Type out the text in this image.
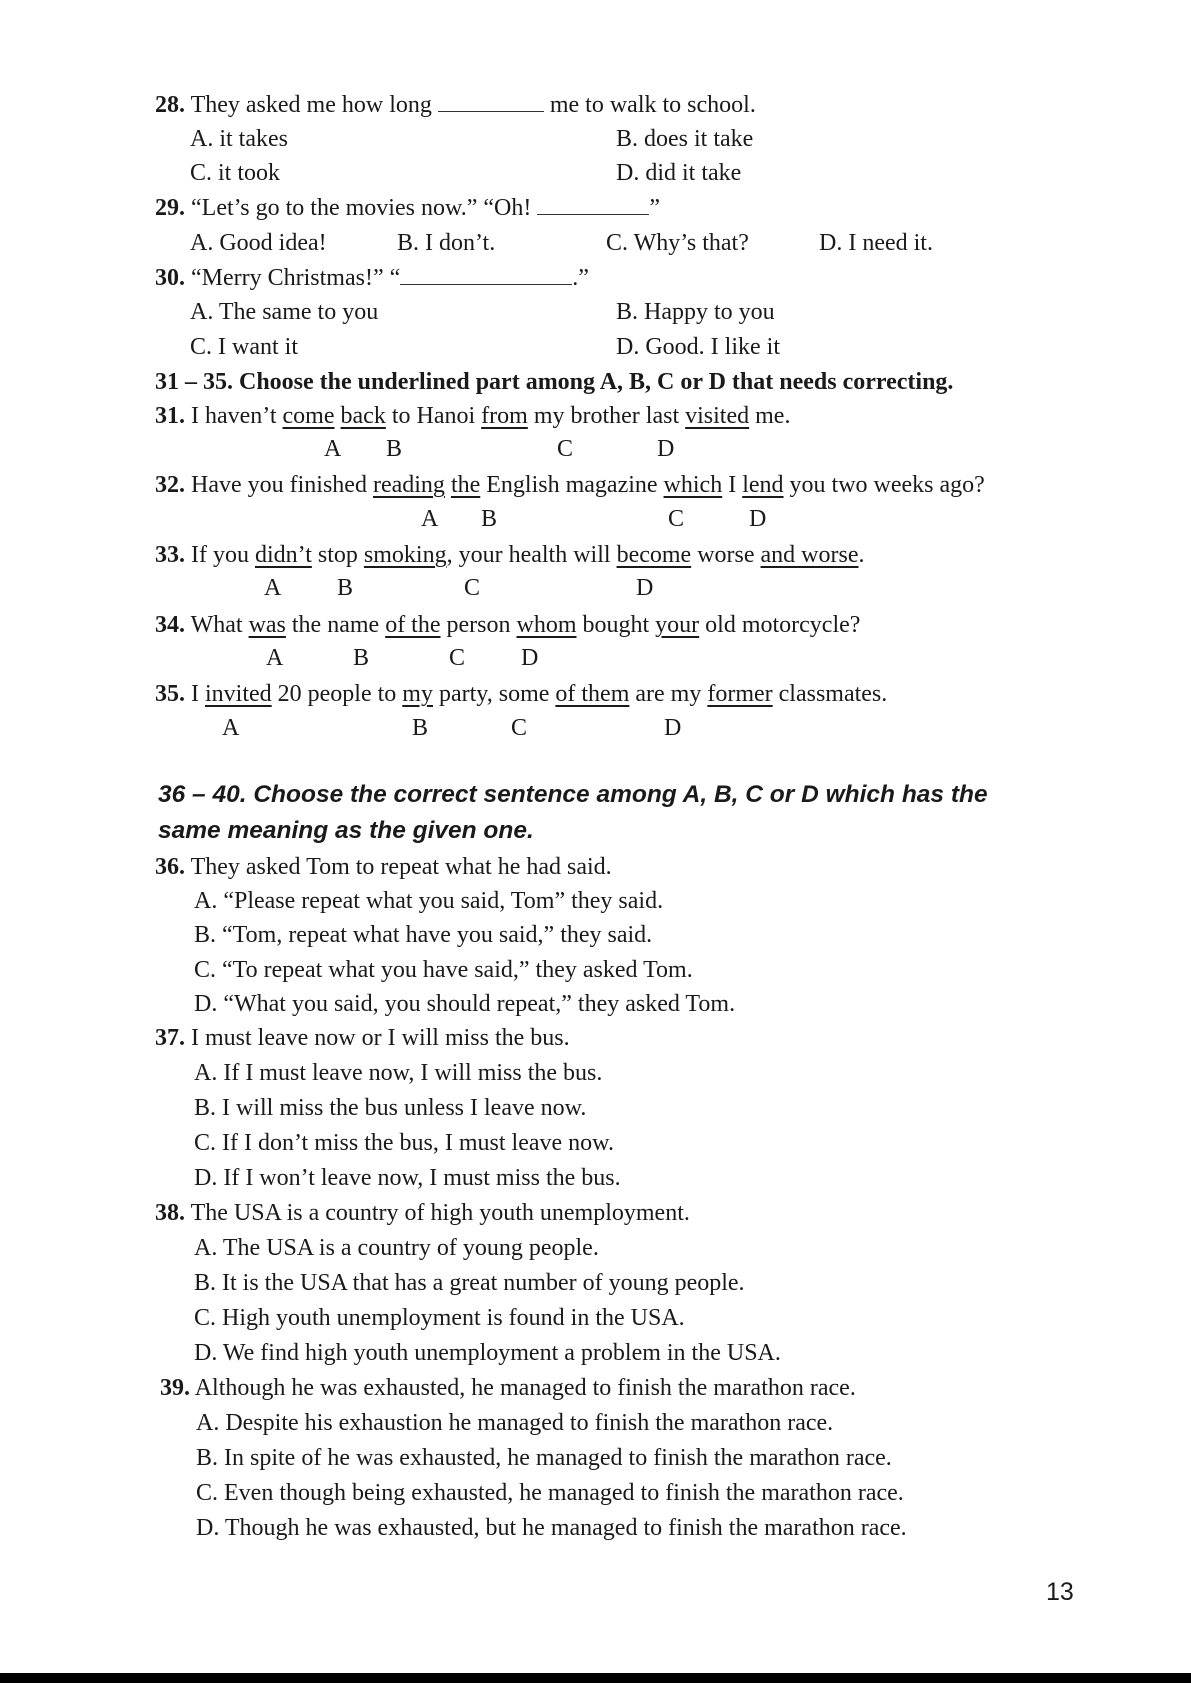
28. They asked me how long	me to walk to school.
A. it takes	B. does it take
C. it took	D. did it take
29. “Let’s go to the movies now.” “Oh!	”
A. Good idea!	B. I don’t.	C. Why’s that?	D. I need it.
30. “Merry Christmas!” “	.”
A. The same to you	B. Happy to you
C. I want it	D. Good. I like it
31 – 35. Choose the underlined part among A, B, C or D that needs correcting.
31. I haven’t come back to Hanoi from my brother last visited me.
A B	C	D
32. Have you finished reading the English magazine which I lend you two weeks ago?
A B	C	D
33. If you didn’t stop smoking, your health will become worse and worse.
A B	C	D
34. What was the name of the person whom bought your old motorcycle?
A	B	C D
35. I invited 20 people to my party, some of them are my former classmates.
A	B	C	D
36 – 40. Choose the correct sentence among A, B, C or D which has the
same meaning as the given one.
36. They asked Tom to repeat what he had said.
A. “Please repeat what you said, Tom” they said.
B. “Tom, repeat what have you said,” they said.
C. “To repeat what you have said,” they asked Tom.
D. “What you said, you should repeat,” they asked Tom.
37. I must leave now or I will miss the bus.
A. If I must leave now, I will miss the bus.
B. I will miss the bus unless I leave now.
C. If I don’t miss the bus, I must leave now.
D. If I won’t leave now, I must miss the bus.
38. The USA is a country of high youth unemployment.
A. The USA is a country of young people.
B. It is the USA that has a great number of young people.
C. High youth unemployment is found in the USA.
D. We find high youth unemployment a problem in the USA.
39. Although he was exhausted, he managed to finish the marathon race.
A. Despite his exhaustion he managed to finish the marathon race.
B. In spite of he was exhausted, he managed to finish the marathon race.
C. Even though being exhausted, he managed to finish the marathon race.
D. Though he was exhausted, but he managed to finish the marathon race.
13
